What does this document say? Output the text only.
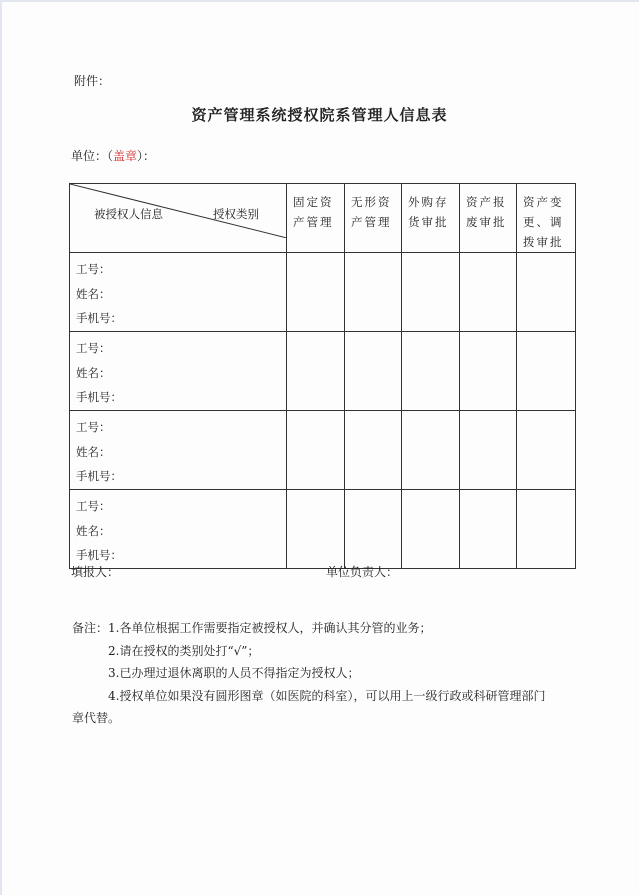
附件：
资产管理系统授权院系管理人信息表
单位：（盖章）：
被授权人信息 授权类别	固定资产管理	无形资产管理	外购存货审批	资产报废审批	资产变更、调拨审批

工号：
姓名：
手机号：					

工号：
姓名：
手机号：					

工号：
姓名：
手机号：					

工号：
姓名：
手机号：					

填报人：	单位负责人：
备注： 1.各单位根据工作需要指定被授权人，并确认其分管的业务；
2.请在授权的类别处打“√”；
3.已办理过退休离职的人员不得指定为授权人；
4.授权单位如果没有圆形图章（如医院的科室），可以用上一级行政或科研管理部门
章代替。
